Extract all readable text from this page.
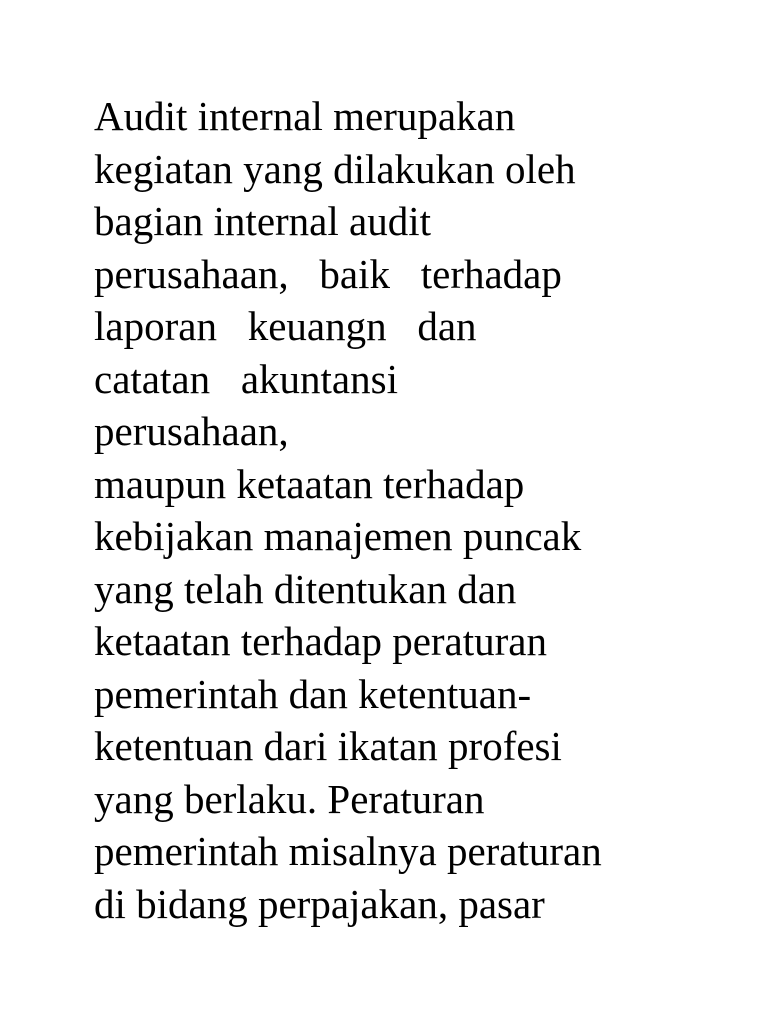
Audit internal merupakan
kegiatan yang dilakukan oleh
bagian internal audit
perusahaan,   baik   terhadap
laporan   keuangn   dan
catatan   akuntansi
perusahaan,
maupun ketaatan terhadap
kebijakan manajemen puncak
yang telah ditentukan dan
ketaatan terhadap peraturan
pemerintah dan ketentuan-
ketentuan dari ikatan profesi
yang berlaku. Peraturan
pemerintah misalnya peraturan
di bidang perpajakan, pasar
